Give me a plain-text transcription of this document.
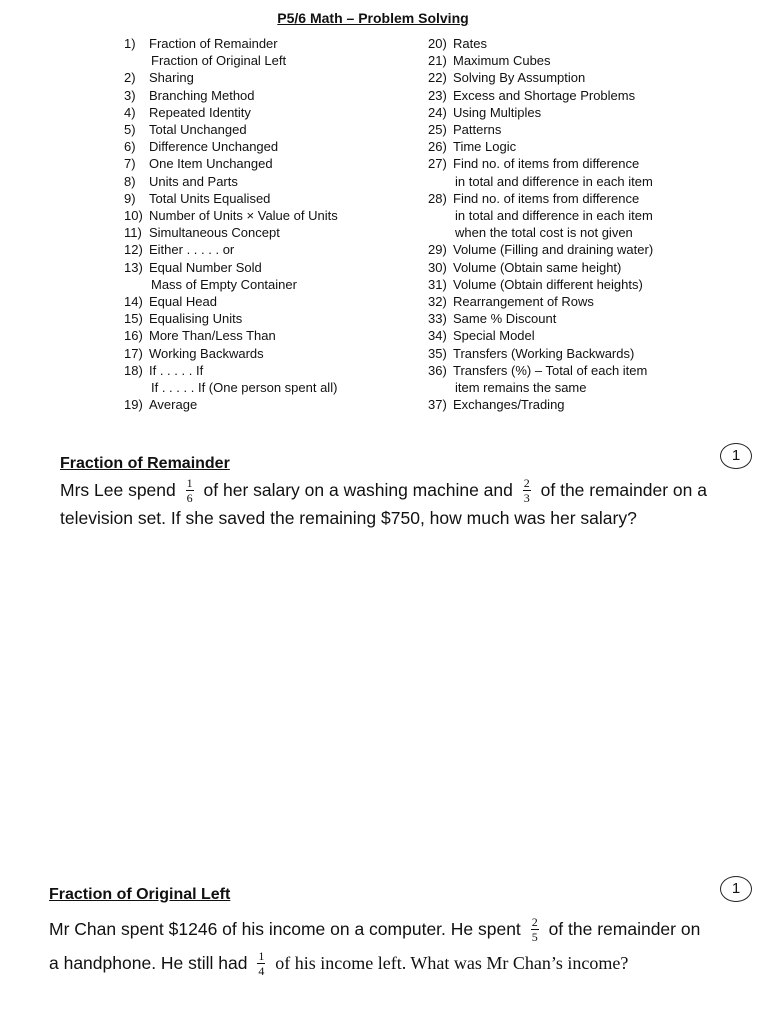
P5/6 Math – Problem Solving
1)	Fraction of Remainder
Fraction of Original Left
2)	Sharing
3)	Branching Method
4)	Repeated Identity
5)	Total Unchanged
6)	Difference Unchanged
7)	One Item Unchanged
8)	Units and Parts
9)	Total Units Equalised
10) Number of Units × Value of Units
11) Simultaneous Concept
12) Either . . . . . or
13) Equal Number Sold
Mass of Empty Container
14) Equal Head
15) Equalising Units
16) More Than/Less Than
17) Working Backwards
18) If . . . . . If
If . . . . . If (One person spent all)
19) Average
20) Rates
21) Maximum Cubes
22) Solving By Assumption
23) Excess and Shortage Problems
24) Using Multiples
25) Patterns
26) Time Logic
27) Find no. of items from difference
in total and difference in each item
28) Find no. of items from difference
in total and difference in each item
when the total cost is not given
29) Volume (Filling and draining water)
30) Volume (Obtain same height)
31) Volume (Obtain different heights)
32) Rearrangement of Rows
33) Same % Discount
34) Special Model
35) Transfers (Working Backwards)
36) Transfers (%) – Total of each item
item remains the same
37) Exchanges/Trading
Fraction of Remainder	1
Mrs Lee spend $\frac{1}{6}$ of her salary on a washing machine and $\frac{2}{3}$ of the remainder on a
television set. If she saved the remaining $750, how much was her salary?
Fraction of Original Left	1
Mr Chan spent $1246 of his income on a computer. He spent $\frac{2}{5}$ of the remainder on
a handphone. He still had $\frac{1}{4}$ of his income left. What was Mr Chan’s income?
